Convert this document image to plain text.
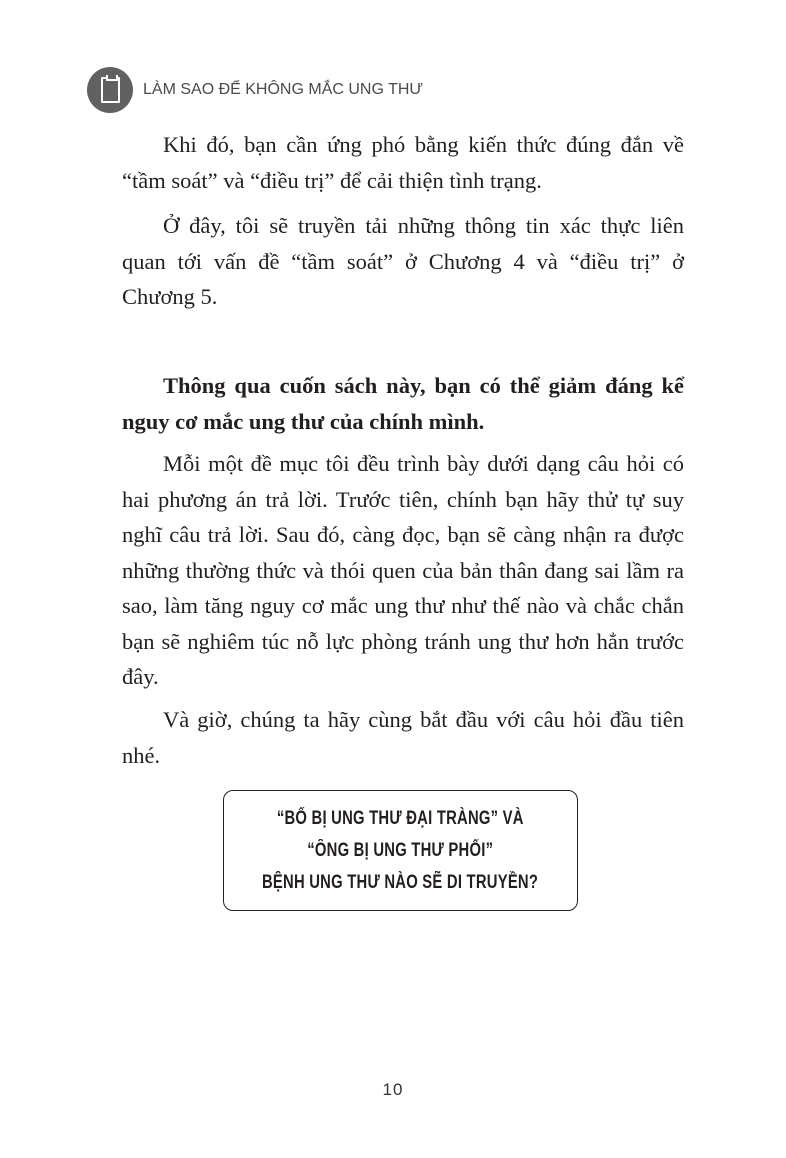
LÀM SAO ĐỂ KHÔNG MẮC UNG THƯ

Khi đó, bạn cần ứng phó bằng kiến thức đúng đắn về “tầm soát” và “điều trị” để cải thiện tình trạng.

Ở đây, tôi sẽ truyền tải những thông tin xác thực liên quan tới vấn đề “tầm soát” ở Chương 4 và “điều trị” ở Chương 5.

Thông qua cuốn sách này, bạn có thể giảm đáng kể nguy cơ mắc ung thư của chính mình.

Mỗi một đề mục tôi đều trình bày dưới dạng câu hỏi có hai phương án trả lời. Trước tiên, chính bạn hãy thử tự suy nghĩ câu trả lời. Sau đó, càng đọc, bạn sẽ càng nhận ra được những thường thức và thói quen của bản thân đang sai lầm ra sao, làm tăng nguy cơ mắc ung thư như thế nào và chắc chắn bạn sẽ nghiêm túc nỗ lực phòng tránh ung thư hơn hẳn trước đây.

Và giờ, chúng ta hãy cùng bắt đầu với câu hỏi đầu tiên nhé.

“BỐ BỊ UNG THƯ ĐẠI TRÀNG” VÀ
“ÔNG BỊ UNG THƯ PHỔI”
BỆNH UNG THƯ NÀO SẼ DI TRUYỀN?
10
